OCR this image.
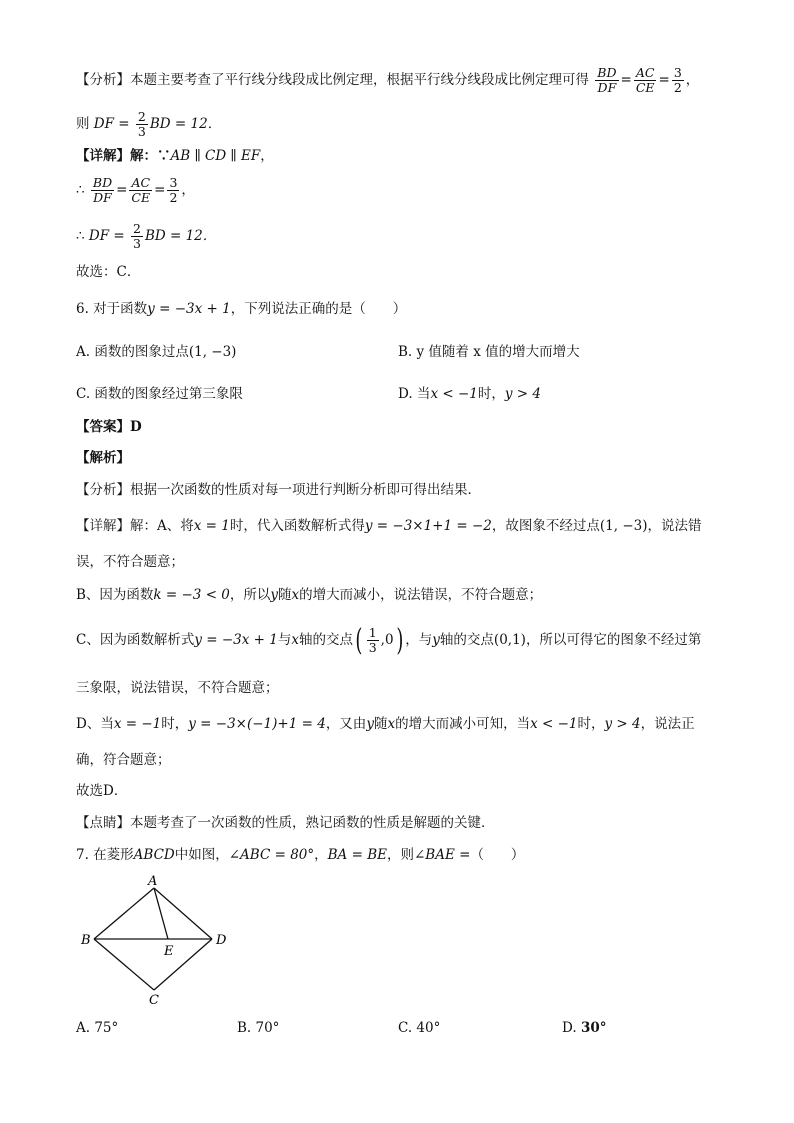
【分析】本题主要考查了平行线分线段成比例定理，根据平行线分线段成比例定理可得 $\frac{BD}{DF} = \frac{AC}{CE} = \frac{3}{2}$ ，
则 DF = $\frac{2}{3}$ BD = 12．
【详解】解：∵AB ∥ CD ∥ EF，
∴ $\frac{BD}{DF} = \frac{AC}{CE} = \frac{3}{2}$ ，
∴ DF = $\frac{2}{3}$ BD = 12．
故选：C．
6. 对于函数y = −3x + 1，下列说法正确的是（　　）
A. 函数的图象过点(1, −3)	B. y 值随着 x 值的增大而增大
C. 函数的图象经过第三象限	D. 当x < −1时，y > 4
【答案】D
【解析】
【分析】根据一次函数的性质对每一项进行判断分析即可得出结果．
【详解】解：A、将x = 1时，代入函数解析式得y = −3×1+1 = −2，故图象不经过点(1, −3)，说法错
误，不符合题意；
B、因为函数k = −3 < 0，所以y随x的增大而减小，说法错误，不符合题意；
C、因为函数解析式y = −3x + 1与x轴的交点( $\frac{1}{3} ,0$) ，与y轴的交点(0,1)，所以可得它的图象不经过第
三象限，说法错误，不符合题意；
D、当x = −1时，y = −3×(−1)+1 = 4，又由y随x的增大而减小可知，当x < −1时，y > 4，说法正
确，符合题意；
故选D．
【点睛】本题考查了一次函数的性质，熟记函数的性质是解题的关键．
7. 在菱形ABCD中如图，∠ABC = 80°，BA = BE，则∠BAE =（　　）
A
B
C
D
E
A. 75°	B. 70°	C. 40°	D. 30°
